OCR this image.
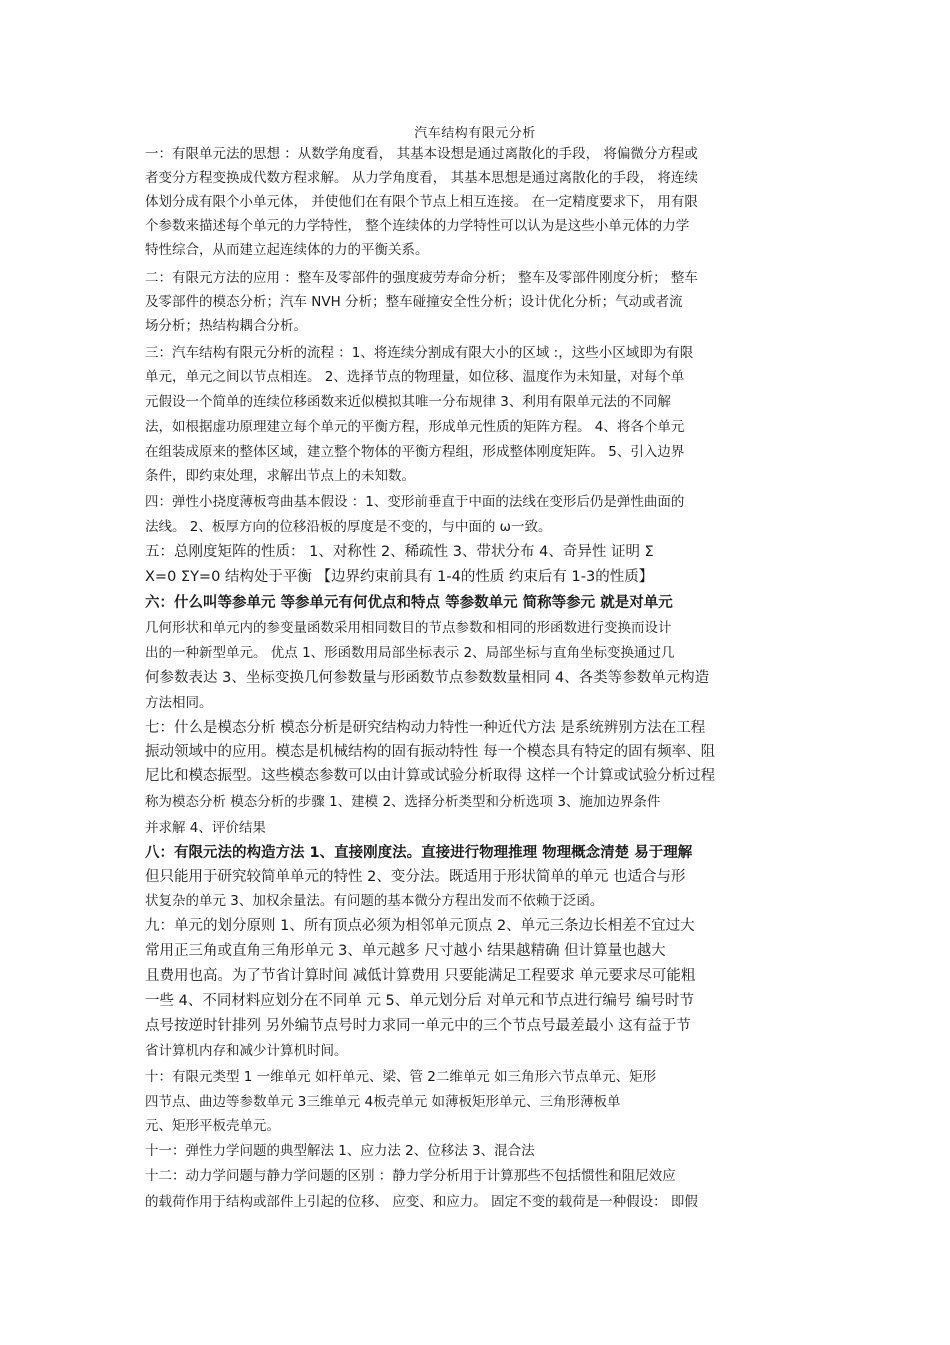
汽车结构有限元分析
一：有限单元法的思想 ：从数学角度看， 其基本设想是通过离散化的手段， 将偏微分方程或
者变分方程变换成代数方程求解。 从力学角度看， 其基本思想是通过离散化的手段， 将连续
体划分成有限个小单元体， 并使他们在有限个节点上相互连接。 在一定精度要求下， 用有限
个参数来描述每个单元的力学特性， 整个连续体的力学特性可以认为是这些小单元体的力学
特性综合，从而建立起连续体的力的平衡关系。
二：有限元方法的应用 ：整车及零部件的强度疲劳寿命分析； 整车及零部件刚度分析； 整车
及零部件的模态分析；汽车 NVH 分析；整车碰撞安全性分析；设计优化分析；气动或者流
场分析；热结构耦合分析。
三：汽车结构有限元分析的流程 ：1、将连续分割成有限大小的区域 :，这些小区域即为有限
单元，单元之间以节点相连。 2、选择节点的物理量，如位移、温度作为未知量，对每个单
元假设一个简单的连续位移函数来近似模拟其唯一分布规律 3、利用有限单元法的不同解
法，如根据虚功原理建立每个单元的平衡方程，形成单元性质的矩阵方程。 4、将各个单元
在组装成原来的整体区域，建立整个物体的平衡方程组，形成整体刚度矩阵。 5、引入边界
条件，即约束处理，求解出节点上的未知数。
四：弹性小挠度薄板弯曲基本假设 ：1、变形前垂直于中面的法线在变形后仍是弹性曲面的
法线。 2、板厚方向的位移沿板的厚度是不变的，与中面的 ω一致。
五：总刚度矩阵的性质： 1、对称性 2、稀疏性 3、带状分布 4、奇异性 证明 Σ
X=0 ΣY=0 结构处于平衡 【边界约束前具有 1-4的性质 约束后有 1-3的性质】
六：什么叫等参单元 等参单元有何优点和特点 等参数单元 简称等参元 就是对单元
几何形状和单元内的参变量函数采用相同数目的节点参数和相同的形函数进行变换而设计
出的一种新型单元。 优点 1、形函数用局部坐标表示 2、局部坐标与直角坐标变换通过几
何参数表达 3、坐标变换几何参数量与形函数节点参数数量相同 4、各类等参数单元构造
方法相同。
七：什么是模态分析 模态分析是研究结构动力特性一种近代方法 是系统辨别方法在工程
振动领域中的应用。模态是机械结构的固有振动特性 每一个模态具有特定的固有频率、阻
尼比和模态振型。这些模态参数可以由计算或试验分析取得 这样一个计算或试验分析过程
称为模态分析 模态分析的步骤 1、建模 2、选择分析类型和分析选项 3、施加边界条件
并求解 4、评价结果
八：有限元法的构造方法 1、直接刚度法。直接进行物理推理 物理概念清楚 易于理解
但只能用于研究较简单单元的特性 2、变分法。既适用于形状简单的单元 也适合与形
状复杂的单元 3、加权余量法。有问题的基本微分方程出发而不依赖于泛函。
九：单元的划分原则 1、所有顶点必须为相邻单元顶点 2、单元三条边长相差不宜过大
常用正三角或直角三角形单元 3、单元越多 尺寸越小 结果越精确 但计算量也越大
且费用也高。为了节省计算时间 减低计算费用 只要能满足工程要求 单元要求尽可能粗
一些 4、不同材料应划分在不同单 元 5、单元划分后 对单元和节点进行编号 编号时节
点号按逆时针排列 另外编节点号时力求同一单元中的三个节点号最差最小 这有益于节
省计算机内存和减少计算机时间。
十：有限元类型 1 一维单元 如杆单元、梁、管 2二维单元 如三角形六节点单元、矩形
四节点、曲边等参数单元 3三维单元 4板壳单元 如薄板矩形单元、三角形薄板单
元、矩形平板壳单元。
十一：弹性力学问题的典型解法 1、应力法 2、位移法 3、混合法
十二：动力学问题与静力学问题的区别 ：静力学分析用于计算那些不包括惯性和阻尼效应
的载荷作用于结构或部件上引起的位移、 应变、和应力。 固定不变的载荷是一种假设： 即假
